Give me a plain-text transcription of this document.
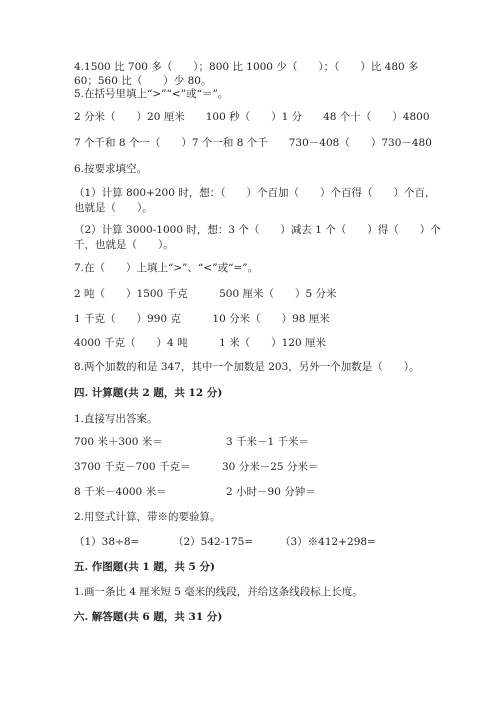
4.1500 比 700 多（　　）；800 比 1000 少（　　）；（　　）比 480 多
60；560 比（　　）少 80。
5.在括号里填上“>”“<”或“＝”。
2 分米（　　）20 厘米　　100 秒（　　）1 分　　48 个十（　　）4800
7 个千和 8 个一（　　）7 个一和 8 个千　　730－408（　　）730－480
6.按要求填空。
（1）计算 800+200 时，想：（　　）个百加（　　）个百得（　　）个百，
也就是（　　）。
（2）计算 3000-1000 时，想：3 个（　　）减去 1 个（　　）得（　　）个
千，也就是（　　）。
7.在（　　）上填上“>”、“<”或“=”。
2 吨（　　）1500 千克　　　500 厘米（　　）5 分米
1 千克（　　）990 克　　　10 分米（　　）98 厘米
4000 千克（　　）4 吨　　　1 米（　　）120 厘米
8.两个加数的和是 347，其中一个加数是 203，另外一个加数是（　　）。
四. 计算题(共 2 题，共 12 分)
1.直接写出答案。
700 米＋300 米＝	3 千米－1 千米＝
3700 千克－700 千克＝	30 分米－25 分米＝
8 千米－4000 米＝	2 小时－90 分钟＝
2.用竖式计算，带※的要验算。
（1）38÷8=	（2）542-175=	（3）※412+298=
五. 作图题(共 1 题，共 5 分)
1.画一条比 4 厘米短 5 毫米的线段，并给这条线段标上长度。
六. 解答题(共 6 题，共 31 分)
